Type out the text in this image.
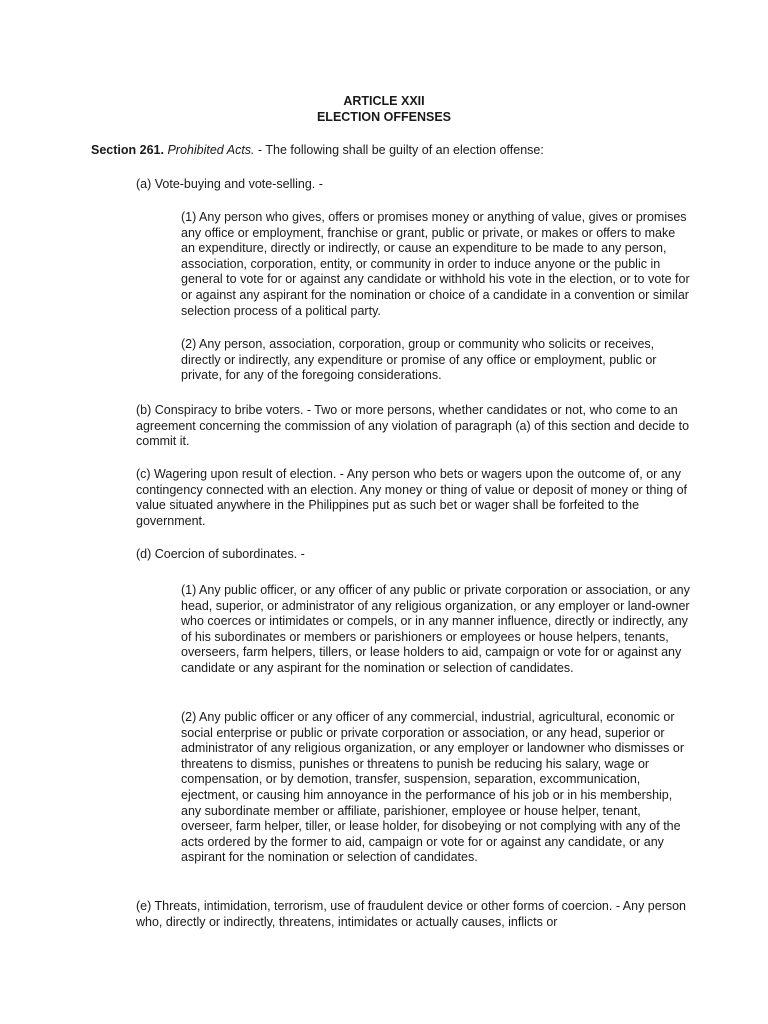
ARTICLE XXII
ELECTION OFFENSES

Section 261. Prohibited Acts. - The following shall be guilty of an election offense:

(a) Vote-buying and vote-selling. -

(1) Any person who gives, offers or promises money or anything of value, gives or promises any office or employment, franchise or grant, public or private, or makes or offers to make an expenditure, directly or indirectly, or cause an expenditure to be made to any person, association, corporation, entity, or community in order to induce anyone or the public in general to vote for or against any candidate or withhold his vote in the election, or to vote for or against any aspirant for the nomination or choice of a candidate in a convention or similar selection process of a political party.

(2) Any person, association, corporation, group or community who solicits or receives, directly or indirectly, any expenditure or promise of any office or employment, public or private, for any of the foregoing considerations.

(b) Conspiracy to bribe voters. - Two or more persons, whether candidates or not, who come to an agreement concerning the commission of any violation of paragraph (a) of this section and decide to commit it.

(c) Wagering upon result of election. - Any person who bets or wagers upon the outcome of, or any contingency connected with an election. Any money or thing of value or deposit of money or thing of value situated anywhere in the Philippines put as such bet or wager shall be forfeited to the government.

(d) Coercion of subordinates. -

(1) Any public officer, or any officer of any public or private corporation or association, or any head, superior, or administrator of any religious organization, or any employer or land-owner who coerces or intimidates or compels, or in any manner influence, directly or indirectly, any of his subordinates or members or parishioners or employees or house helpers, tenants, overseers, farm helpers, tillers, or lease holders to aid, campaign or vote for or against any candidate or any aspirant for the nomination or selection of candidates.

(2) Any public officer or any officer of any commercial, industrial, agricultural, economic or social enterprise or public or private corporation or association, or any head, superior or administrator of any religious organization, or any employer or landowner who dismisses or threatens to dismiss, punishes or threatens to punish be reducing his salary, wage or compensation, or by demotion, transfer, suspension, separation, excommunication, ejectment, or causing him annoyance in the performance of his job or in his membership, any subordinate member or affiliate, parishioner, employee or house helper, tenant, overseer, farm helper, tiller, or lease holder, for disobeying or not complying with any of the acts ordered by the former to aid, campaign or vote for or against any candidate, or any aspirant for the nomination or selection of candidates.

(e) Threats, intimidation, terrorism, use of fraudulent device or other forms of coercion. - Any person who, directly or indirectly, threatens, intimidates or actually causes, inflicts or
